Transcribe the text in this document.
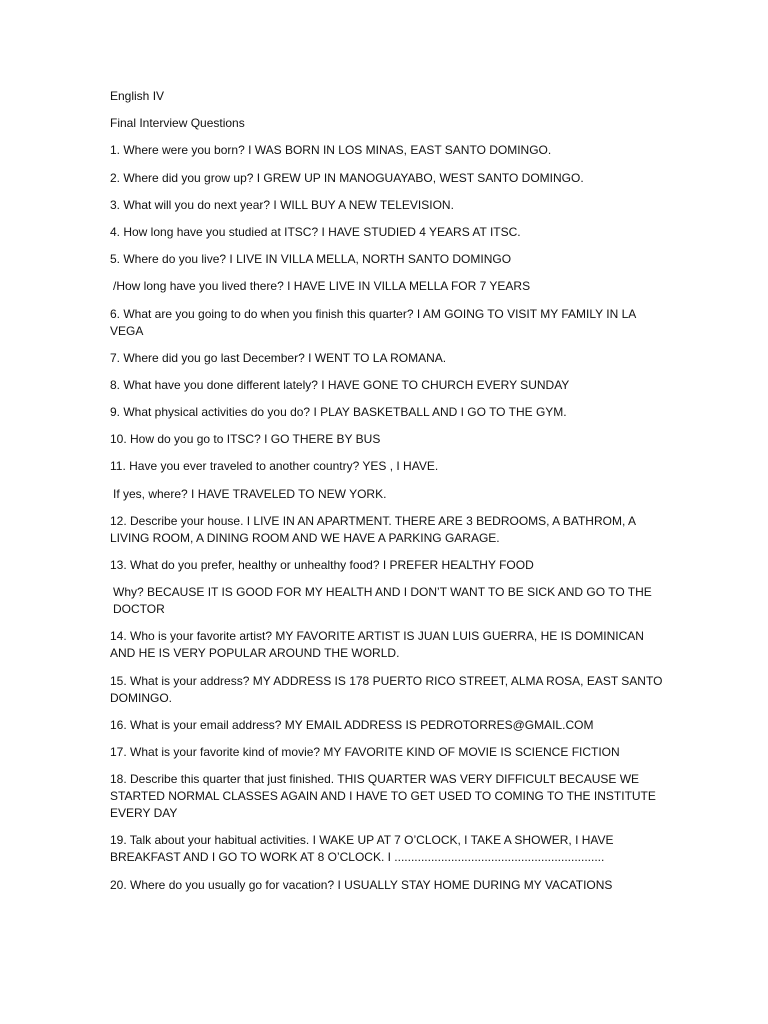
English IV
Final Interview Questions
1. Where were you born? I WAS BORN IN LOS MINAS, EAST SANTO DOMINGO.
2. Where did you grow up? I GREW UP IN MANOGUAYABO, WEST SANTO DOMINGO.
3. What will you do next year? I WILL BUY A NEW TELEVISION.
4. How long have you studied at ITSC? I HAVE STUDIED 4 YEARS AT ITSC.
5. Where do you live? I LIVE IN VILLA MELLA, NORTH SANTO DOMINGO
/How long have you lived there? I HAVE LIVE IN VILLA MELLA FOR 7 YEARS
6. What are you going to do when you finish this quarter? I AM GOING TO VISIT MY FAMILY IN LA VEGA
7. Where did you go last December? I WENT TO LA ROMANA.
8. What have you done different lately? I HAVE GONE TO CHURCH EVERY SUNDAY
9. What physical activities do you do? I PLAY BASKETBALL AND I GO TO THE GYM.
10. How do you go to ITSC? I GO THERE BY BUS
11. Have you ever traveled to another country? YES , I HAVE.
If yes, where? I HAVE TRAVELED TO NEW YORK.
12. Describe your house. I LIVE IN AN APARTMENT. THERE ARE 3 BEDROOMS, A BATHROM, A LIVING ROOM, A DINING ROOM AND WE HAVE A PARKING GARAGE.
13. What do you prefer, healthy or unhealthy food? I PREFER HEALTHY FOOD
Why? BECAUSE IT IS GOOD FOR MY HEALTH AND I DON’T WANT TO BE SICK AND GO TO THE DOCTOR
14. Who is your favorite artist? MY FAVORITE ARTIST IS JUAN LUIS GUERRA, HE IS DOMINICAN AND HE IS VERY POPULAR AROUND THE WORLD.
15. What is your address? MY ADDRESS IS 178 PUERTO RICO STREET, ALMA ROSA, EAST SANTO DOMINGO.
16. What is your email address? MY EMAIL ADDRESS IS PEDROTORRES@GMAIL.COM
17. What is your favorite kind of movie? MY FAVORITE KIND OF MOVIE IS SCIENCE FICTION
18. Describe this quarter that just finished. THIS QUARTER WAS VERY DIFFICULT BECAUSE WE STARTED NORMAL CLASSES AGAIN AND I HAVE TO GET USED TO COMING TO THE INSTITUTE EVERY DAY
19. Talk about your habitual activities. I WAKE UP AT 7 O’CLOCK, I TAKE A SHOWER, I HAVE BREAKFAST AND I GO TO WORK AT 8 O’CLOCK. I ...............................................................
20. Where do you usually go for vacation? I USUALLY STAY HOME DURING MY VACATIONS
